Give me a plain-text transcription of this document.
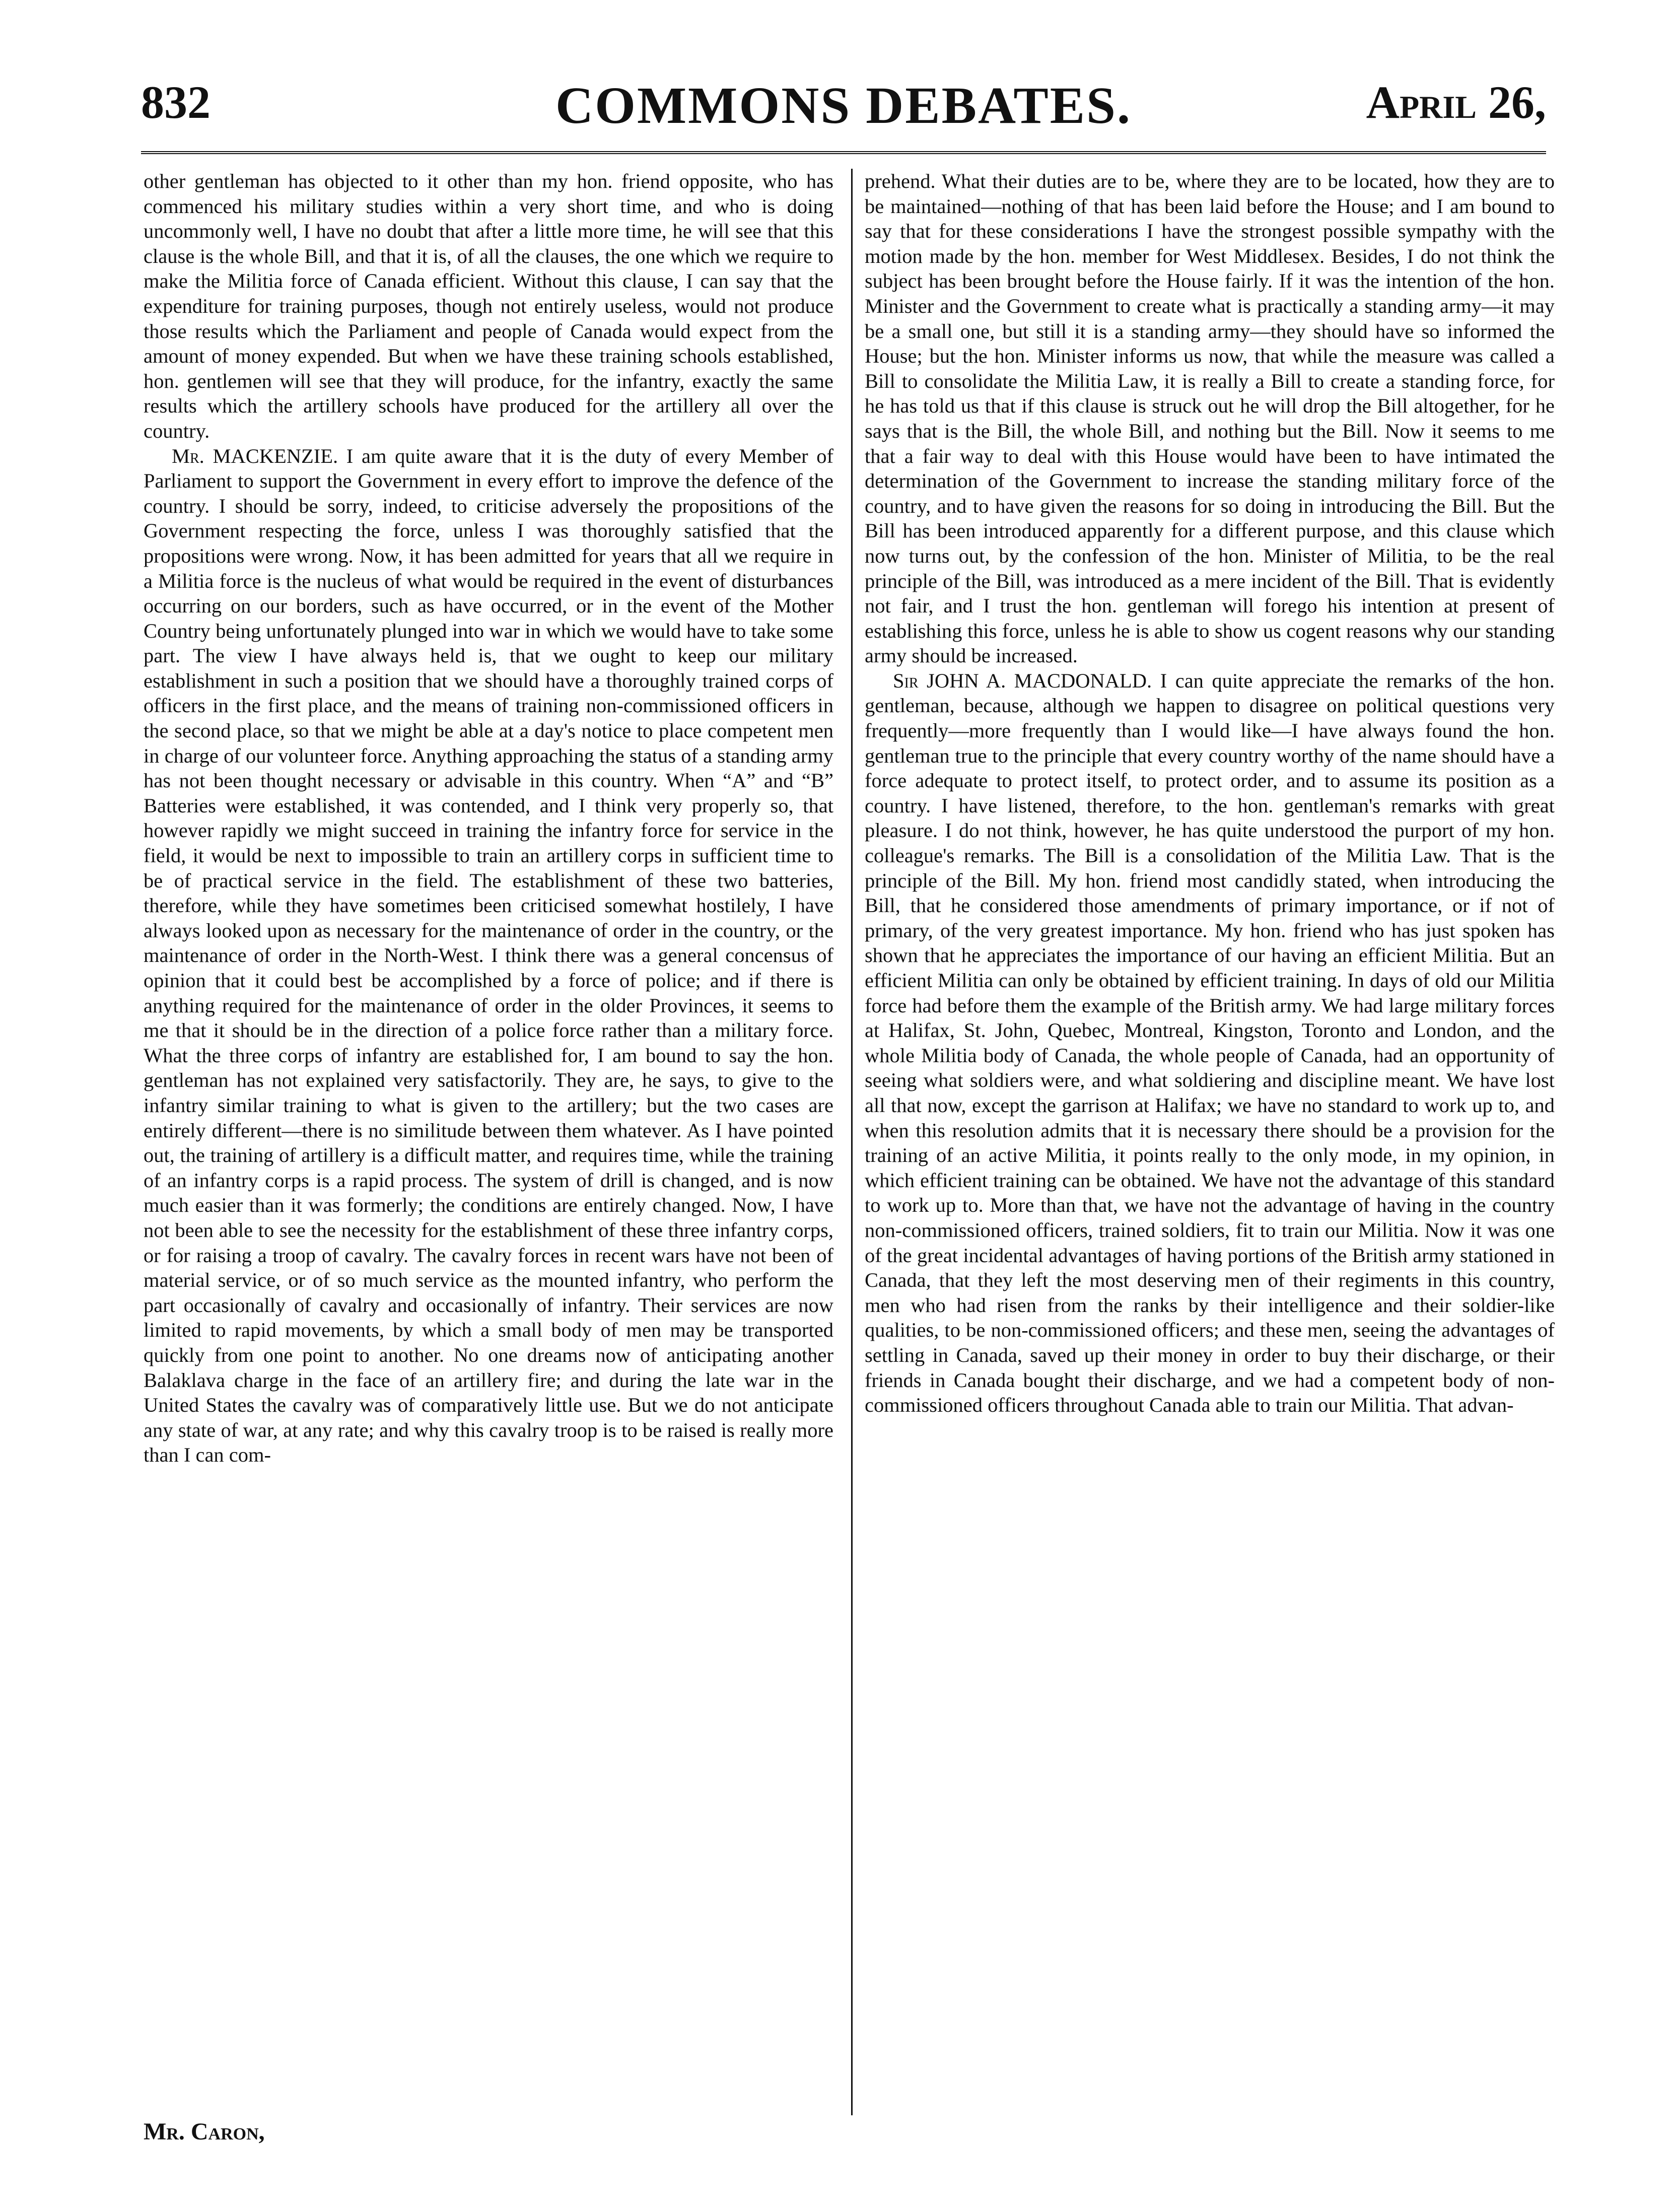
832	COMMONS DEBATES.	April 26,

other gentleman has objected to it other than my hon. friend opposite, who has commenced his military studies within a very short time, and who is doing uncommonly well, I have no doubt that after a little more time, he will see that this clause is the whole Bill, and that it is, of all the clauses, the one which we require to make the Militia force of Canada efficient. Without this clause, I can say that the expenditure for training purposes, though not entirely useless, would not produce those results which the Parliament and people of Canada would expect from the amount of money expended. But when we have these training schools established, hon. gentlemen will see that they will produce, for the infantry, exactly the same results which the artillery schools have produced for the artillery all over the country.

Mr. MACKENZIE. I am quite aware that it is the duty of every Member of Parliament to support the Government in every effort to improve the defence of the country. I should be sorry, indeed, to criticise adversely the propositions of the Government respecting the force, unless I was thoroughly satisfied that the propositions were wrong. Now, it has been admitted for years that all we require in a Militia force is the nucleus of what would be required in the event of disturbances occurring on our borders, such as have occurred, or in the event of the Mother Country being unfortunately plunged into war in which we would have to take some part. The view I have always held is, that we ought to keep our military establishment in such a position that we should have a thoroughly trained corps of officers in the first place, and the means of training non-commissioned officers in the second place, so that we might be able at a day's notice to place competent men in charge of our volunteer force. Anything approaching the status of a standing army has not been thought necessary or advisable in this country. When “A” and “B” Batteries were established, it was contended, and I think very properly so, that however rapidly we might succeed in training the infantry force for service in the field, it would be next to impossible to train an artillery corps in sufficient time to be of practical service in the field. The establishment of these two batteries, therefore, while they have sometimes been criticised somewhat hostilely, I have always looked upon as necessary for the maintenance of order in the country, or the maintenance of order in the North-West. I think there was a general concensus of opinion that it could best be accomplished by a force of police; and if there is anything required for the maintenance of order in the older Provinces, it seems to me that it should be in the direction of a police force rather than a military force. What the three corps of infantry are established for, I am bound to say the hon. gentleman has not explained very satisfactorily. They are, he says, to give to the infantry similar training to what is given to the artillery; but the two cases are entirely different—there is no similitude between them whatever. As I have pointed out, the training of artillery is a difficult matter, and requires time, while the training of an infantry corps is a rapid process. The system of drill is changed, and is now much easier than it was formerly; the conditions are entirely changed. Now, I have not been able to see the necessity for the establishment of these three infantry corps, or for raising a troop of cavalry. The cavalry forces in recent wars have not been of material service, or of so much service as the mounted infantry, who perform the part occasionally of cavalry and occasionally of infantry. Their services are now limited to rapid movements, by which a small body of men may be transported quickly from one point to another. No one dreams now of anticipating another Balaklava charge in the face of an artillery fire; and during the late war in the United States the cavalry was of comparatively little use. But we do not anticipate any state of war, at any rate; and why this cavalry troop is to be raised is really more than I can com-

prehend. What their duties are to be, where they are to be located, how they are to be maintained—nothing of that has been laid before the House; and I am bound to say that for these considerations I have the strongest possible sympathy with the motion made by the hon. member for West Middlesex. Besides, I do not think the subject has been brought before the House fairly. If it was the intention of the hon. Minister and the Government to create what is practically a standing army—it may be a small one, but still it is a standing army—they should have so informed the House; but the hon. Minister informs us now, that while the measure was called a Bill to consolidate the Militia Law, it is really a Bill to create a standing force, for he has told us that if this clause is struck out he will drop the Bill altogether, for he says that is the Bill, the whole Bill, and nothing but the Bill. Now it seems to me that a fair way to deal with this House would have been to have intimated the determination of the Government to increase the standing military force of the country, and to have given the reasons for so doing in introducing the Bill. But the Bill has been introduced apparently for a different purpose, and this clause which now turns out, by the confession of the hon. Minister of Militia, to be the real principle of the Bill, was introduced as a mere incident of the Bill. That is evidently not fair, and I trust the hon. gentleman will forego his intention at present of establishing this force, unless he is able to show us cogent reasons why our standing army should be increased.

Sir JOHN A. MACDONALD. I can quite appreciate the remarks of the hon. gentleman, because, although we happen to disagree on political questions very frequently—more frequently than I would like—I have always found the hon. gentleman true to the principle that every country worthy of the name should have a force adequate to protect itself, to protect order, and to assume its position as a country. I have listened, therefore, to the hon. gentleman's remarks with great pleasure. I do not think, however, he has quite understood the purport of my hon. colleague's remarks. The Bill is a consolidation of the Militia Law. That is the principle of the Bill. My hon. friend most candidly stated, when introducing the Bill, that he considered those amendments of primary importance, or if not of primary, of the very greatest importance. My hon. friend who has just spoken has shown that he appreciates the importance of our having an efficient Militia. But an efficient Militia can only be obtained by efficient training. In days of old our Militia force had before them the example of the British army. We had large military forces at Halifax, St. John, Quebec, Montreal, Kingston, Toronto and London, and the whole Militia body of Canada, the whole people of Canada, had an opportunity of seeing what soldiers were, and what soldiering and discipline meant. We have lost all that now, except the garrison at Halifax; we have no standard to work up to, and when this resolution admits that it is necessary there should be a provision for the training of an active Militia, it points really to the only mode, in my opinion, in which efficient training can be obtained. We have not the advantage of this standard to work up to. More than that, we have not the advantage of having in the country non-commissioned officers, trained soldiers, fit to train our Militia. Now it was one of the great incidental advantages of having portions of the British army stationed in Canada, that they left the most deserving men of their regiments in this country, men who had risen from the ranks by their intelligence and their soldier-like qualities, to be non-commissioned officers; and these men, seeing the advantages of settling in Canada, saved up their money in order to buy their discharge, or their friends in Canada bought their discharge, and we had a competent body of non-commissioned officers throughout Canada able to train our Militia. That advan-

Mr. Caron,
